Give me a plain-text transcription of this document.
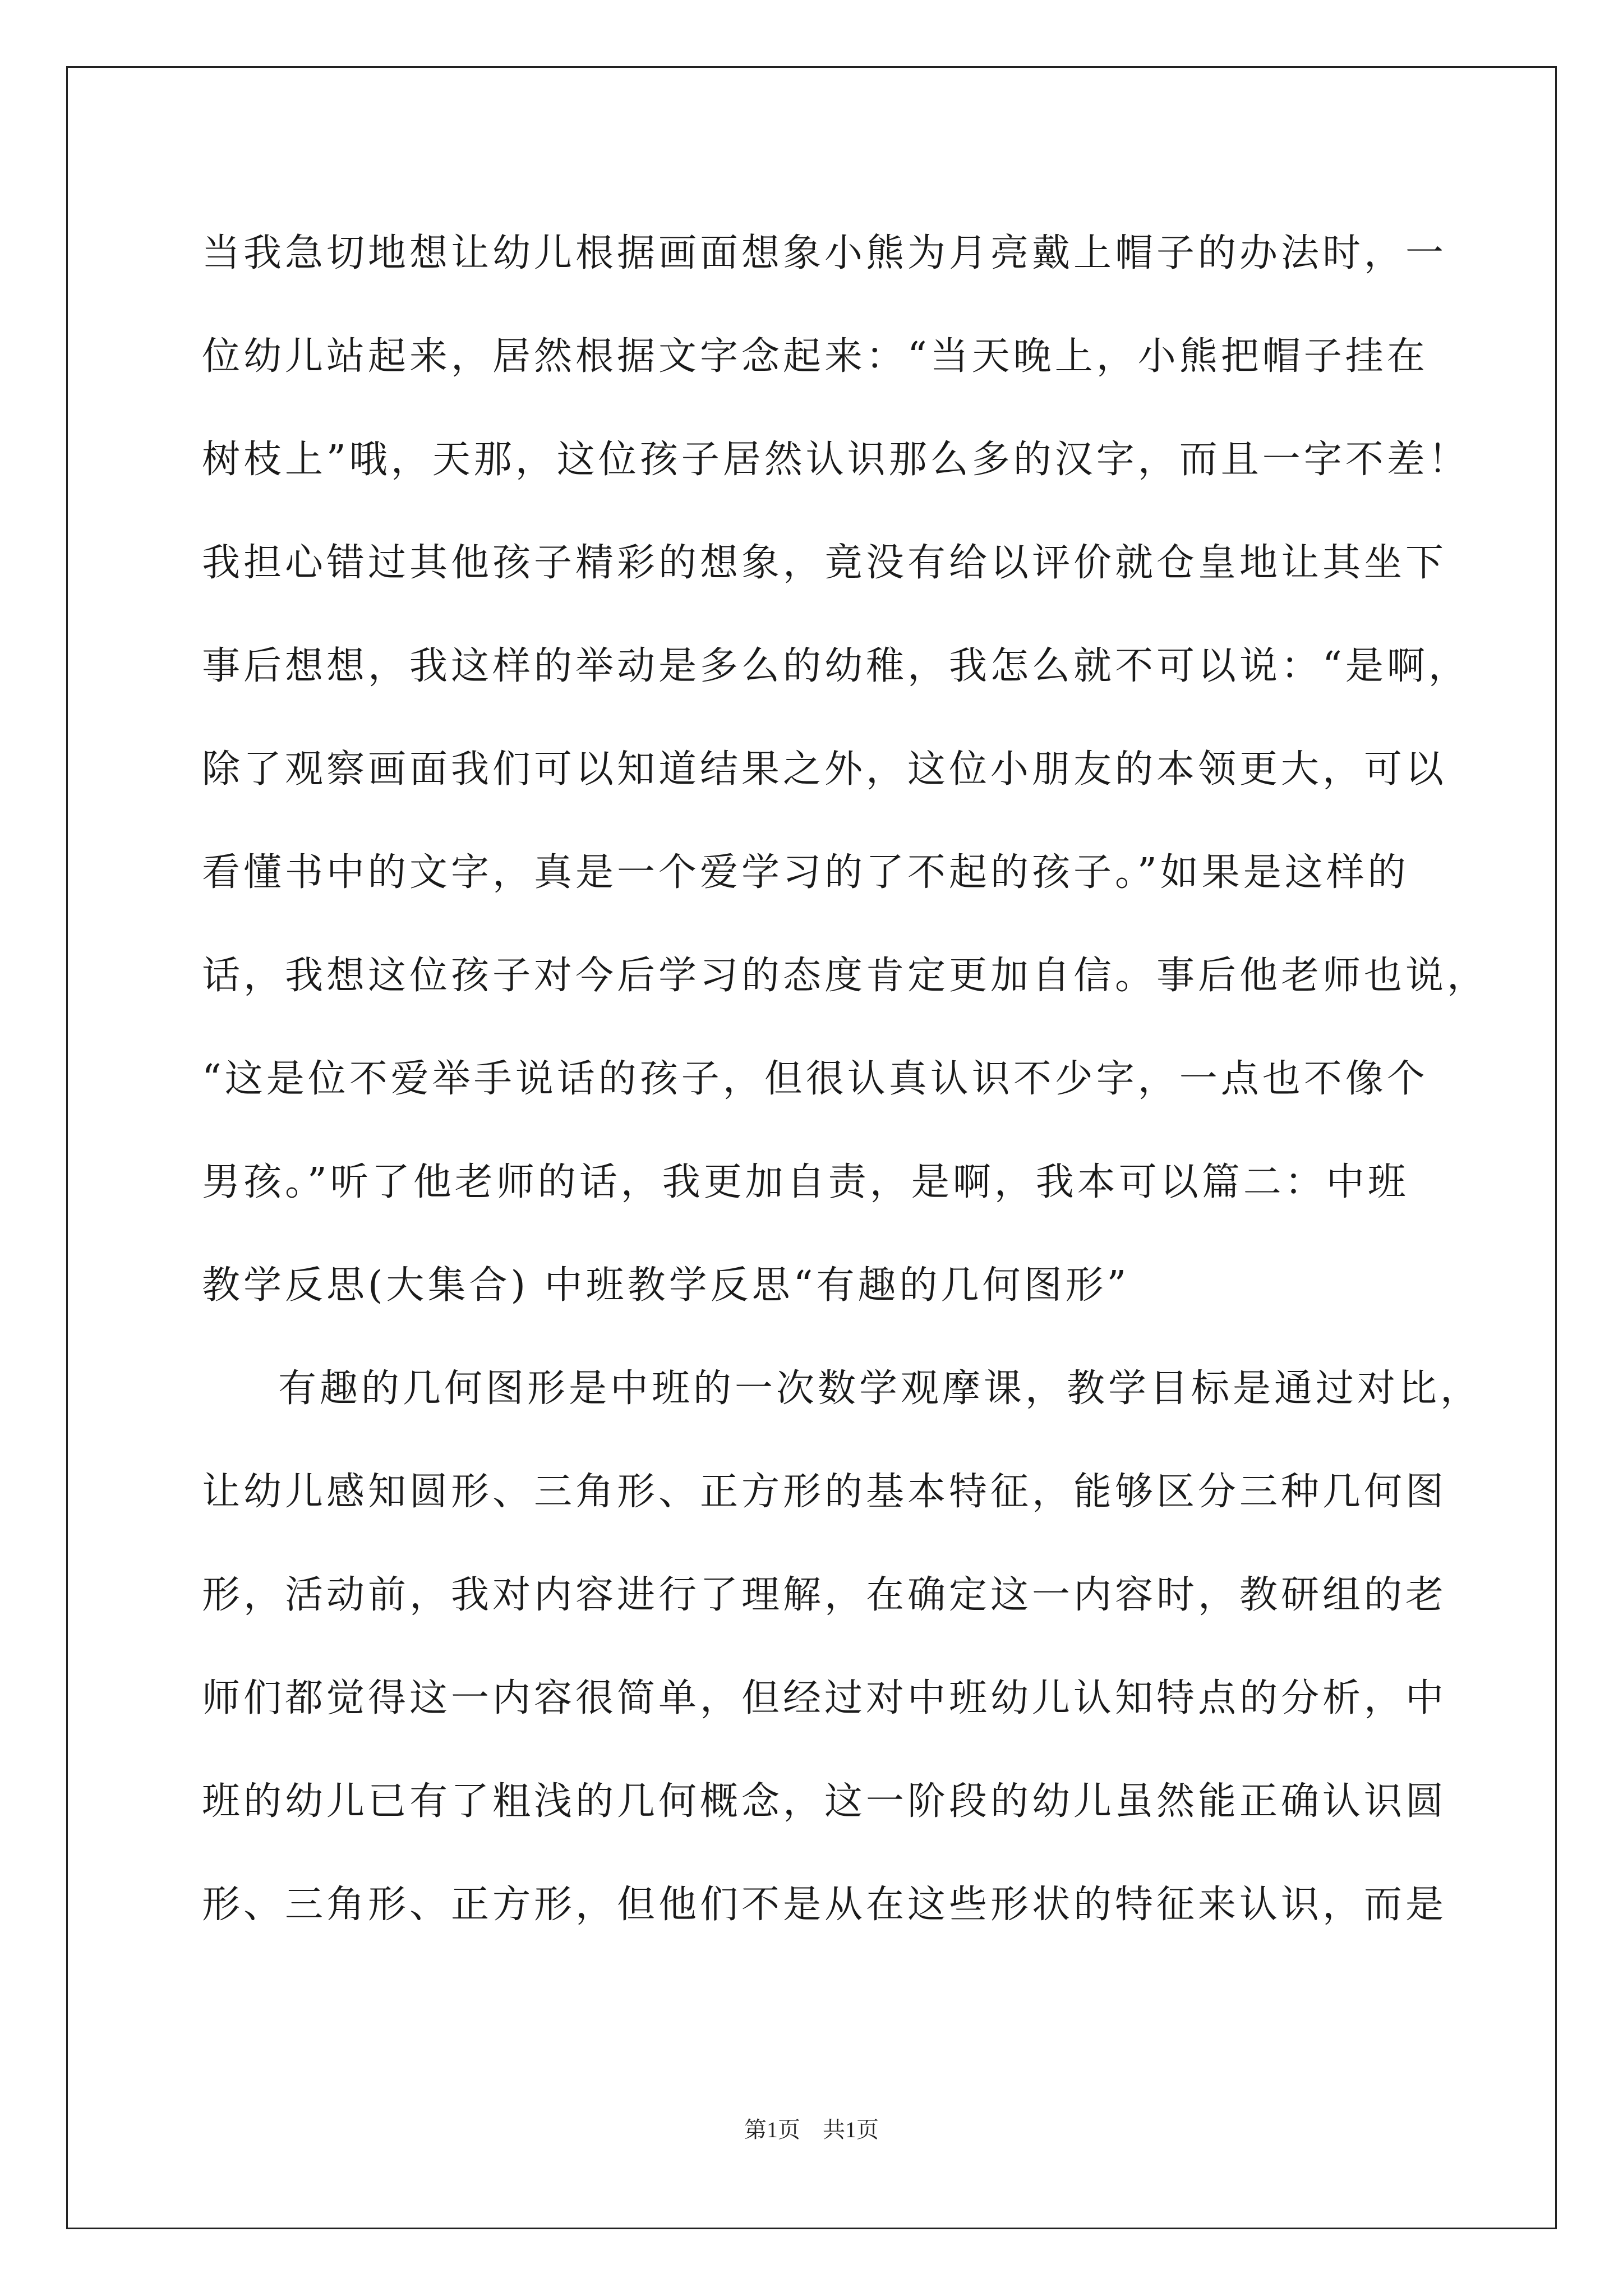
当我急切地想让幼儿根据画面想象小熊为月亮戴上帽子的办法时，一
位幼儿站起来，居然根据文字念起来：“当天晚上，小熊把帽子挂在
树枝上”哦，天那，这位孩子居然认识那么多的汉字，而且一字不差！
我担心错过其他孩子精彩的想象，竟没有给以评价就仓皇地让其坐下
事后想想，我这样的举动是多么的幼稚，我怎么就不可以说：“是啊，
除了观察画面我们可以知道结果之外，这位小朋友的本领更大，可以
看懂书中的文字，真是一个爱学习的了不起的孩子。”如果是这样的
话，我想这位孩子对今后学习的态度肯定更加自信。事后他老师也说，
“这是位不爱举手说话的孩子，但很认真认识不少字，一点也不像个
男孩。”听了他老师的话，我更加自责，是啊，我本可以篇二：中班
教学反思(大集合) 中班教学反思“有趣的几何图形”
有趣的几何图形是中班的一次数学观摩课，教学目标是通过对比，
让幼儿感知圆形、三角形、正方形的基本特征，能够区分三种几何图
形，活动前，我对内容进行了理解，在确定这一内容时，教研组的老
师们都觉得这一内容很简单，但经过对中班幼儿认知特点的分析，中
班的幼儿已有了粗浅的几何概念，这一阶段的幼儿虽然能正确认识圆
形、三角形、正方形，但他们不是从在这些形状的特征来认识，而是
第1页　共1页
